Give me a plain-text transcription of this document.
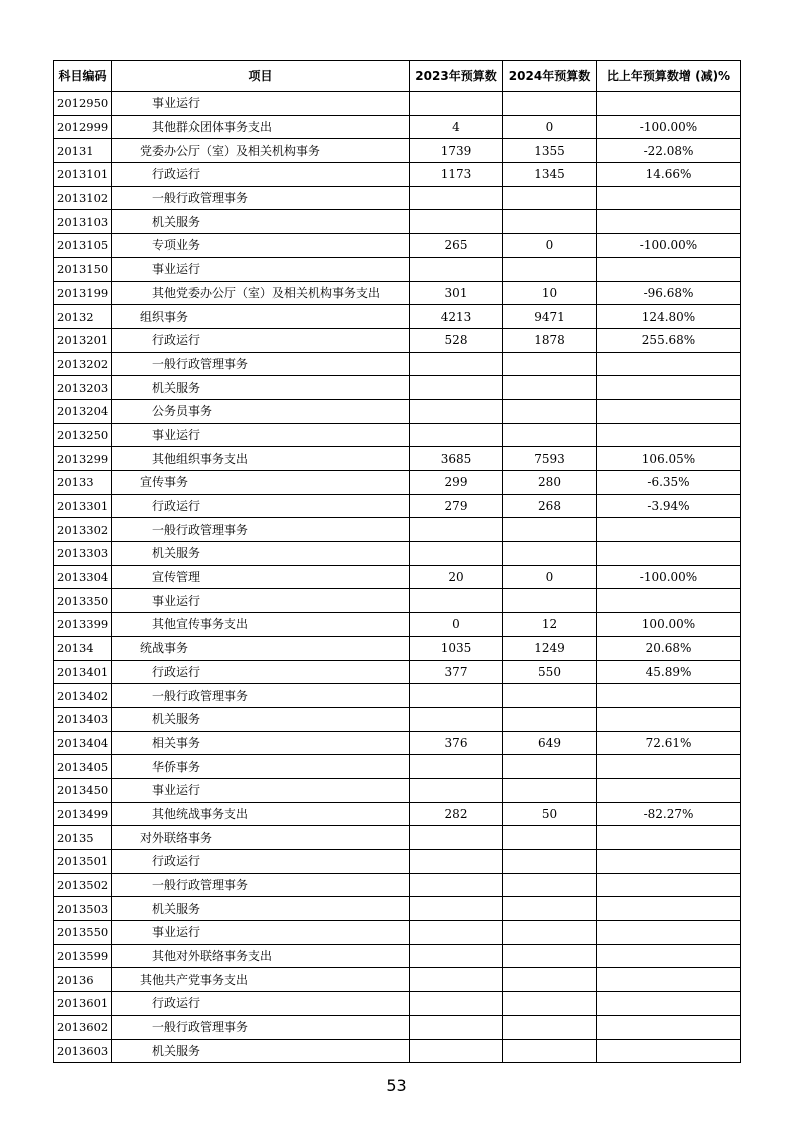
科目编码	项目	2023年预算数	2024年预算数	比上年预算数增 (减)%
2012950	事业运行			
2012999	其他群众团体事务支出	4	0	-100.00%
20131	党委办公厅（室）及相关机构事务	1739	1355	-22.08%
2013101	行政运行	1173	1345	14.66%
2013102	一般行政管理事务			
2013103	机关服务			
2013105	专项业务	265	0	-100.00%
2013150	事业运行			
2013199	其他党委办公厅（室）及相关机构事务支出	301	10	-96.68%
20132	组织事务	4213	9471	124.80%
2013201	行政运行	528	1878	255.68%
2013202	一般行政管理事务			
2013203	机关服务			
2013204	公务员事务			
2013250	事业运行			
2013299	其他组织事务支出	3685	7593	106.05%
20133	宣传事务	299	280	-6.35%
2013301	行政运行	279	268	-3.94%
2013302	一般行政管理事务			
2013303	机关服务			
2013304	宣传管理	20	0	-100.00%
2013350	事业运行			
2013399	其他宣传事务支出	0	12	100.00%
20134	统战事务	1035	1249	20.68%
2013401	行政运行	377	550	45.89%
2013402	一般行政管理事务			
2013403	机关服务			
2013404	相关事务	376	649	72.61%
2013405	华侨事务			
2013450	事业运行			
2013499	其他统战事务支出	282	50	-82.27%
20135	对外联络事务			
2013501	行政运行			
2013502	一般行政管理事务			
2013503	机关服务			
2013550	事业运行			
2013599	其他对外联络事务支出			
20136	其他共产党事务支出			
2013601	行政运行			
2013602	一般行政管理事务			
2013603	机关服务			
53
